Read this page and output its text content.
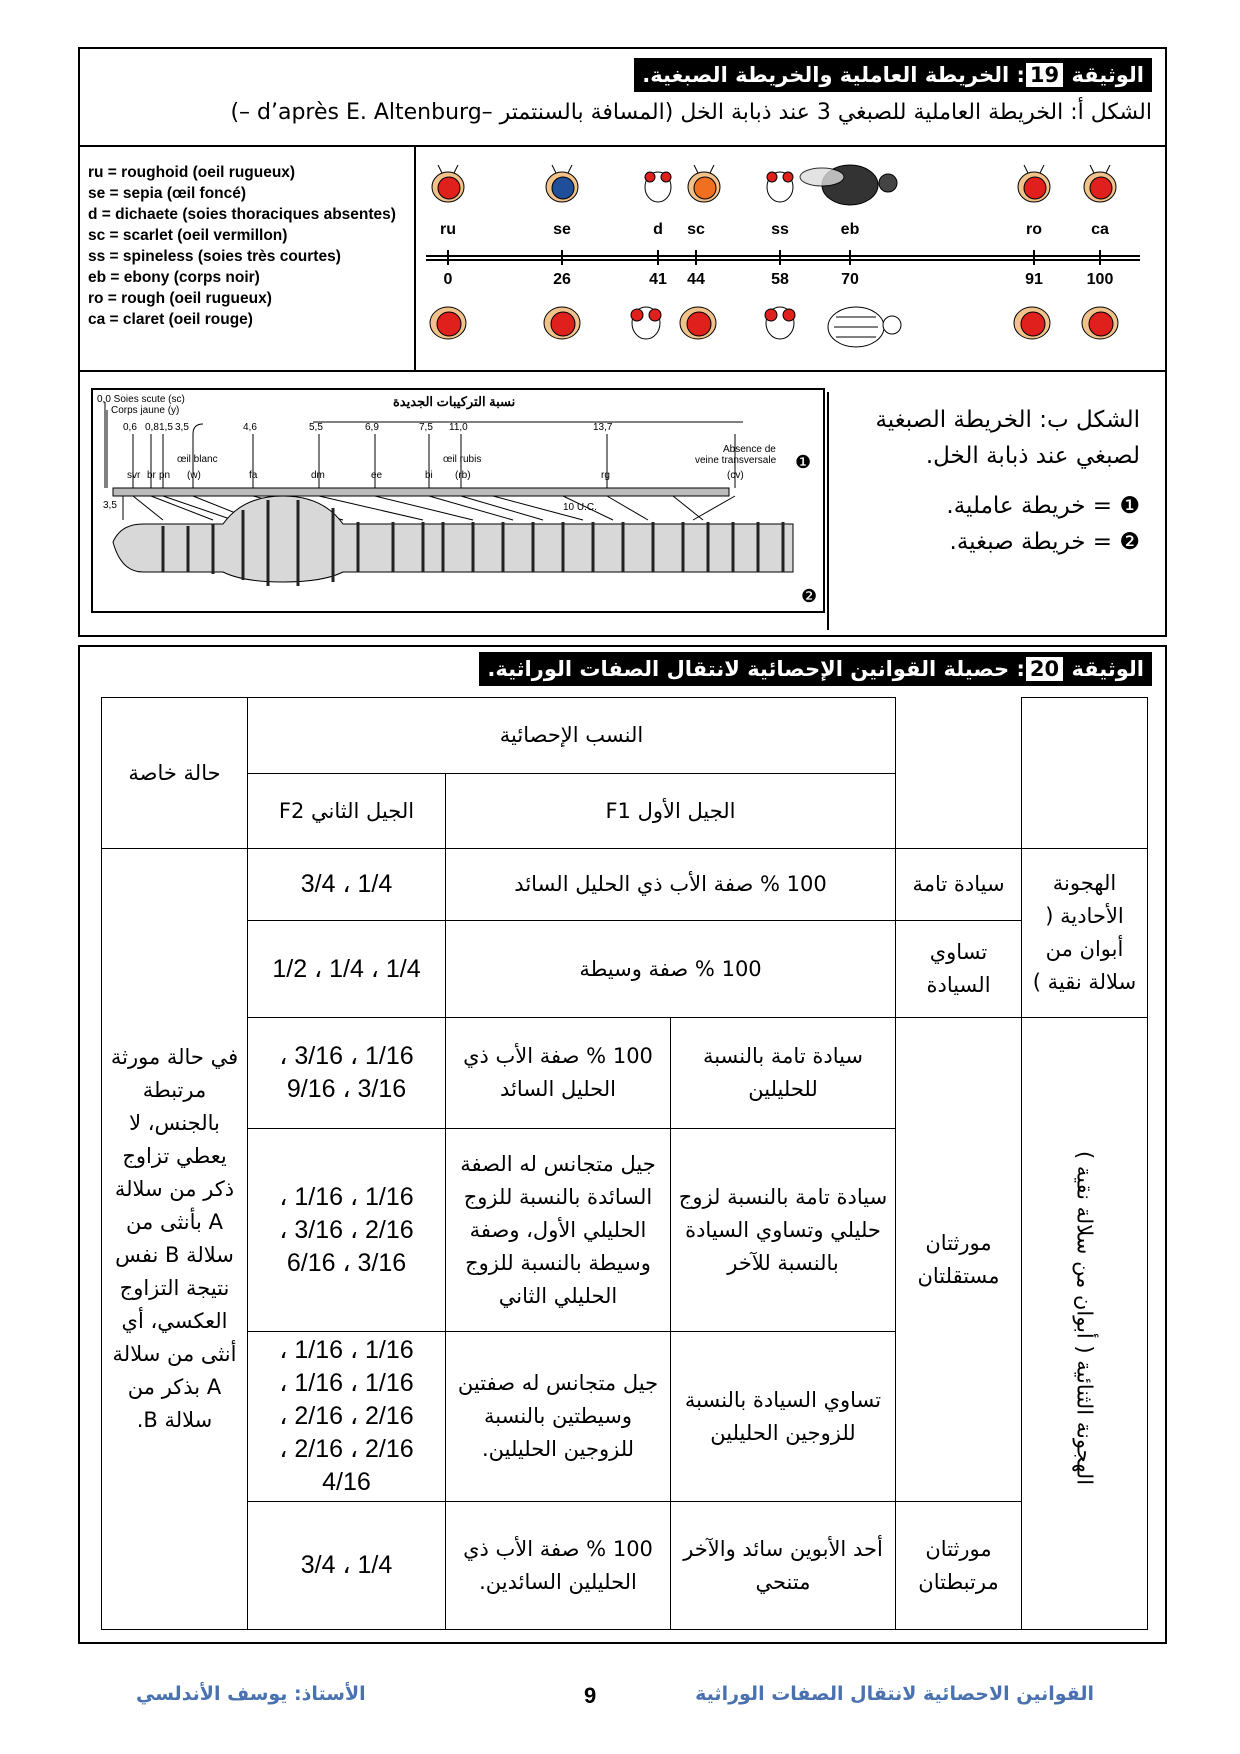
الوثيقة 19: الخريطة العاملية والخريطة الصبغية.
الشكل أ: الخريطة العاملية للصبغي 3 عند ذبابة الخل (المسافة بالسنتمتر –d’après E. Altenburg –)
ru = roughoid (oeil rugueux)
se = sepia (œil foncé)
d = dichaete (soies thoraciques absentes)
sc = scarlet (oeil vermillon)
ss = spineless (soies très courtes)
eb = ebony (corps noir)
ro = rough (oeil rugueux)
ca = claret (oeil rouge)
ru	se	d sc	ss	eb	ro	ca
0	26	41 44	58	70	91	100
نسبة التركيبات الجديدة
0,0 Soies scute (sc)
Corps jaune (y)
0,6 0,8 1,5 3,5	4,6	5,5	6,9	7,5 11,0	13,7
œil blanc	œil rubis
Absence de
veine transversale
svr br pn (w)	fa	dm	ee	bi (rb)	rg	(cv)
3,5	10 U.C.
❶
❷
الشكل ب: الخريطة الصبغية
لصبغي عند ذبابة الخل.
❶ = خريطة عاملية.
❷ = خريطة صبغية.
الوثيقة 20: حصيلة القوانين الإحصائية لانتقال الصفات الوراثية.
		النسب الإحصائية			حالة خاصة
		الجيل الأول F1		الجيل الثاني F2	
الهجونة الأحادية ( أبوان من سلالة نقية )	سيادة تامة	100 % صفة الأب ذي الحليل السائد		1/4 ، 3/4	في حالة مورثة مرتبطة بالجنس، لا يعطي تزاوج ذكر من سلالة A بأنثى من سلالة B نفس نتيجة التزاوج العكسي، أي أنثى من سلالة A بذكر من سلالة B.
	تساوي السيادة	100 % صفة وسيطة		1/4 ، 1/4 ، 1/2	
الهجونة الثنائية ( أبوان من سلالة نقية )	مورثتان مستقلتان	سيادة تامة بالنسبة للحليلين	100 % صفة الأب ذي الحليل السائد	1/16 ، 3/16 ، 3/16 ، 9/16	
		سيادة تامة بالنسبة لزوج حليلي وتساوي السيادة بالنسبة للآخر	جيل متجانس له الصفة السائدة بالنسبة للزوج الحليلي الأول، وصفة وسيطة بالنسبة للزوج الحليلي الثاني	1/16 ، 1/16 ، 2/16 ، 3/16 ، 3/16 ، 6/16	
		تساوي السيادة بالنسبة للزوجين الحليلين	جيل متجانس له صفتين وسيطتين بالنسبة للزوجين الحليلين.	1/16 ، 1/16 ، 1/16 ، 1/16 ، 2/16 ، 2/16 ، 2/16 ، 2/16 ، 4/16	
	مورثتان مرتبطتان	أحد الأبوين سائد والآخر متنحي	100 % صفة الأب ذي الحليلين السائدين.	1/4 ، 3/4	
الأستاذ: يوسف الأندلسي	9	القوانين الاحصائية لانتقال الصفات الوراثية
